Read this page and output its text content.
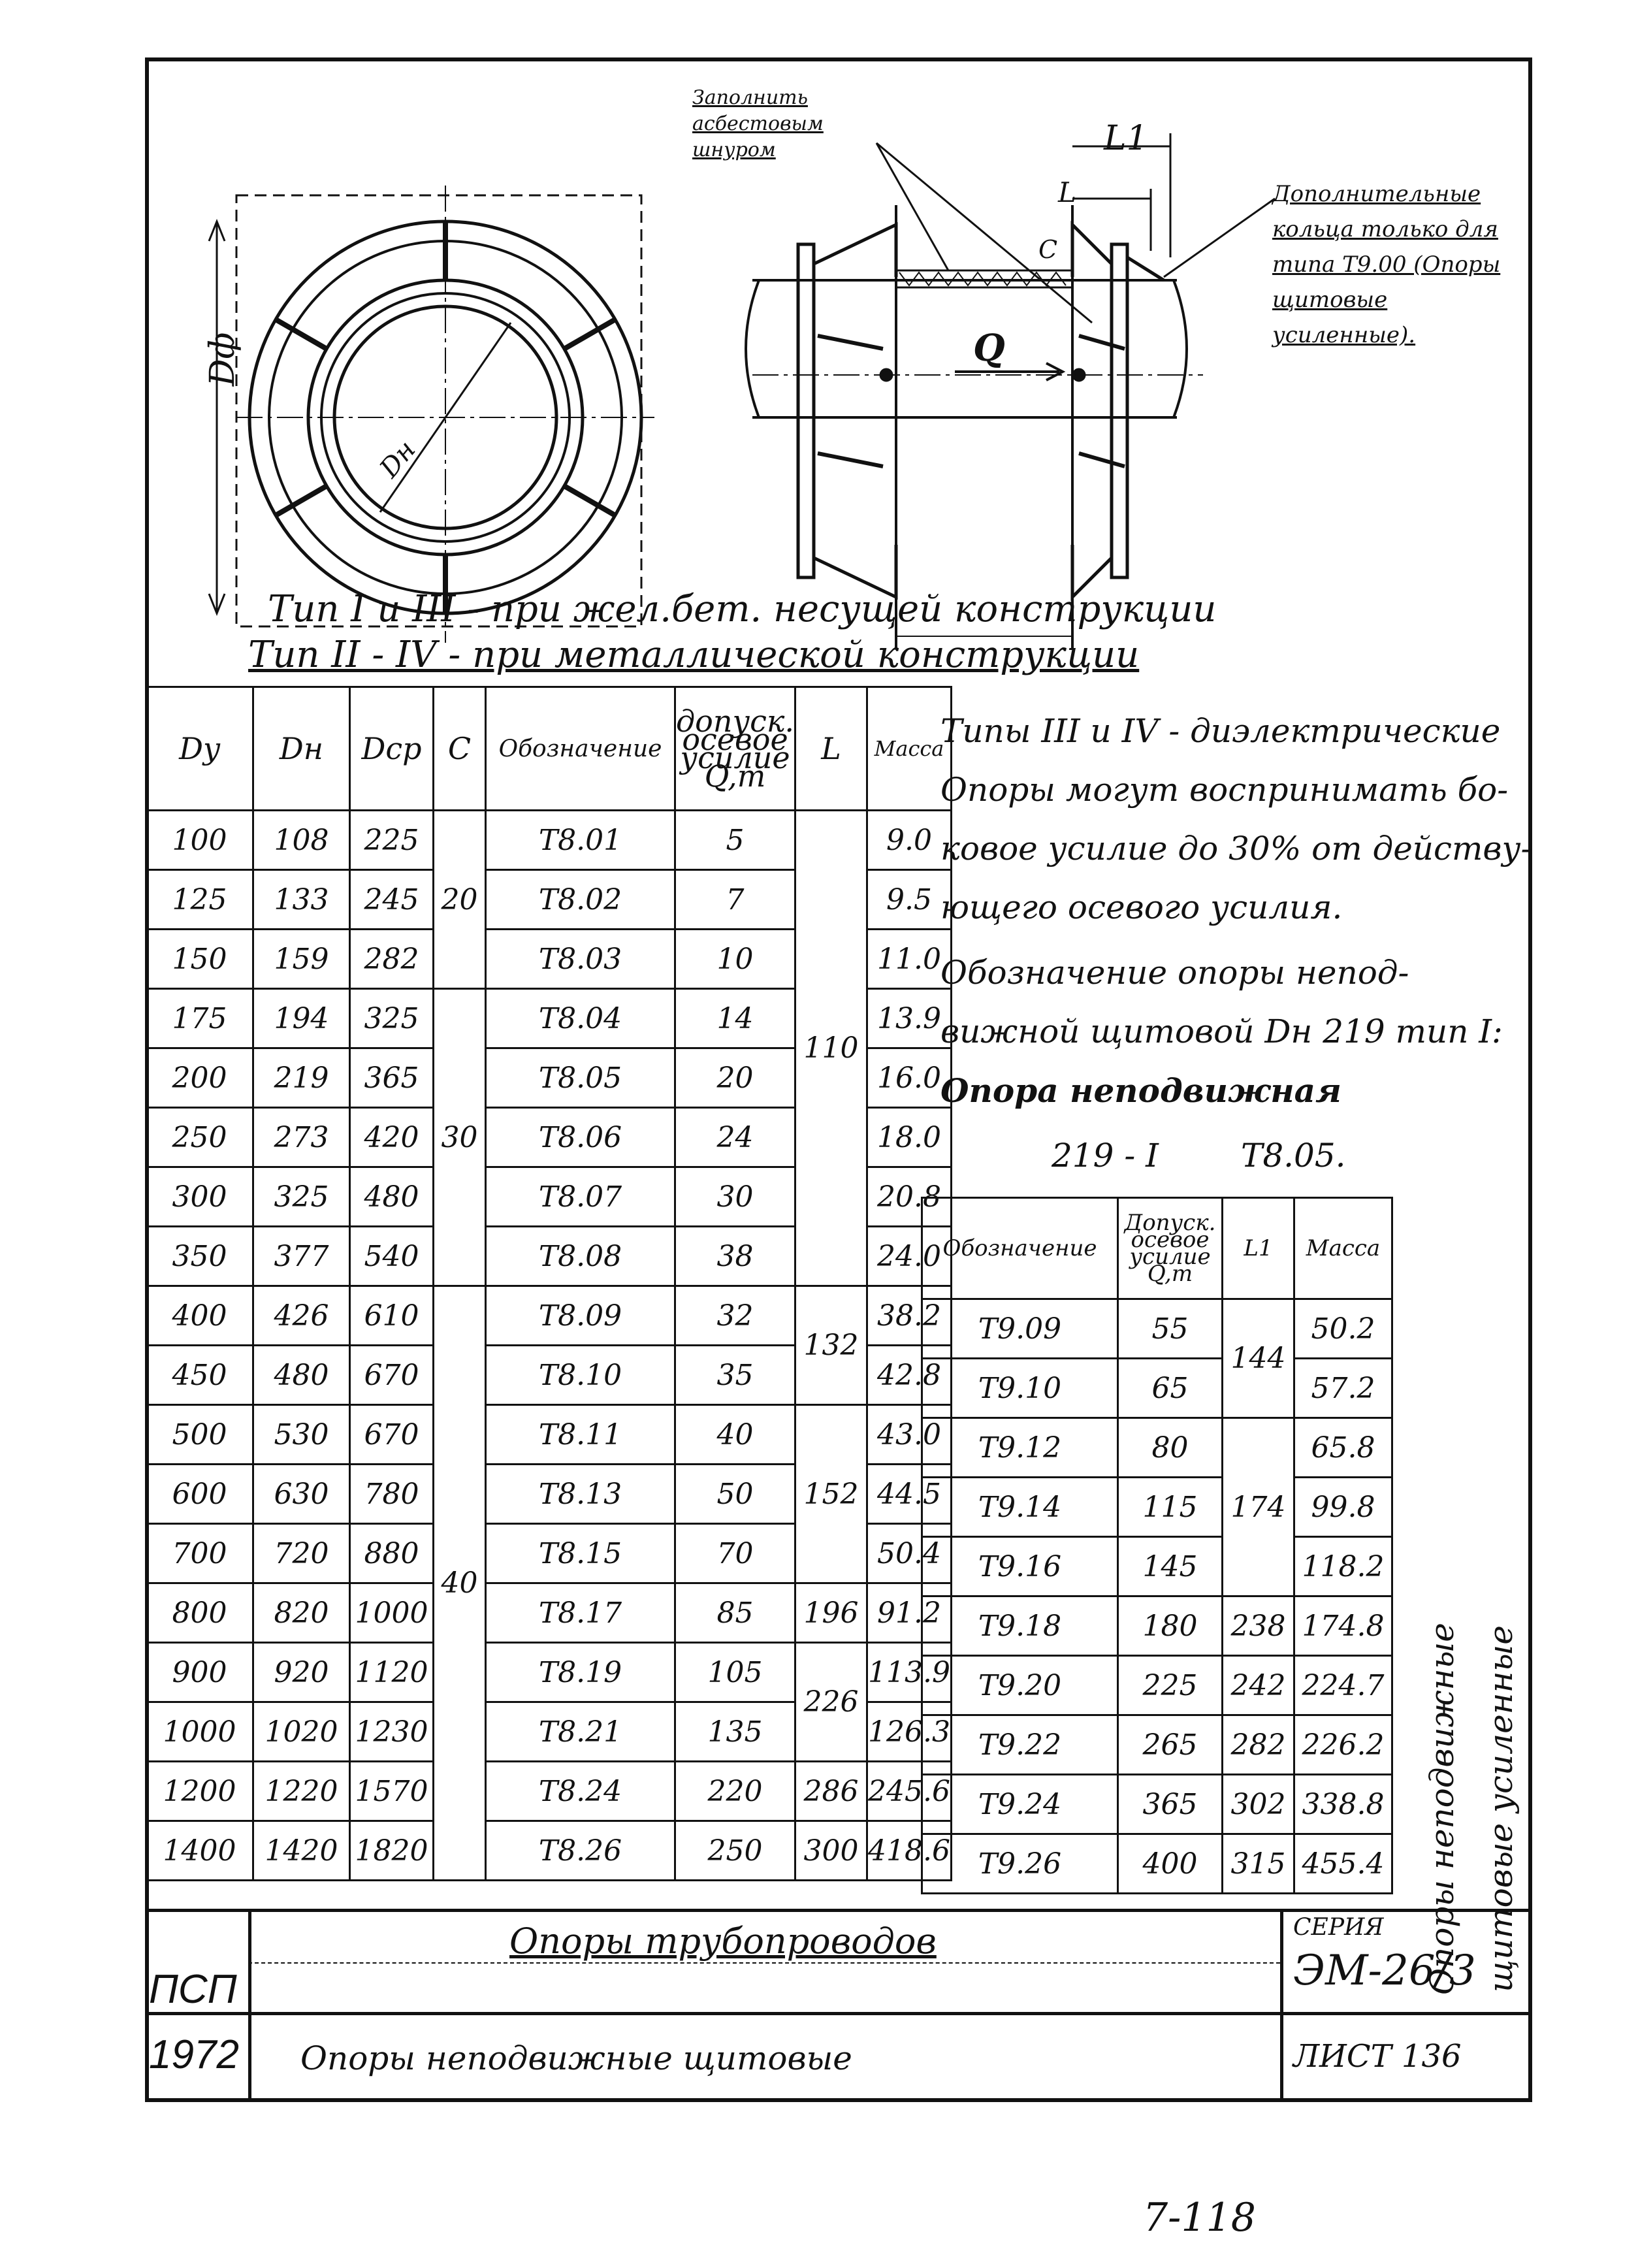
Dн
Dф	Q
L
L1
C
Заполнить асбестовым шнуром
Дополнительные кольца только для типа Т9.00 (Опоры щитовые усиленные).
Тип I и III - при жел.бет. несущей конструкции
Тип II - IV - при металлической конструкции
Dy	Dн	Dср	C	Обозначение	допуск. осевое усилие Q,т	L	Масса
100	108	225	20	T8.01	5	110	9.0
125	133	245		T8.02	7		9.5
150	159	282		T8.03	10		11.0
175	194	325	30	T8.04	14		13.9
200	219	365		T8.05	20		16.0
250	273	420		T8.06	24		18.0
300	325	480		T8.07	30		20.8
350	377	540		T8.08	38		24.0
400	426	610	40	T8.09	32	132	38.2
450	480	670		T8.10	35		42.8
500	530	670		T8.11	40	152	43.0
600	630	780		T8.13	50		44.5
700	720	880		T8.15	70		50.4
800	820	1000		T8.17	85	196	91.2
900	920	1120		T8.19	105	226	113.9
1000	1020	1230		T8.21	135		126.3
1200	1220	1570		T8.24	220	286	245.6
1400	1420	1820		T8.26	250	300	418.6
Типы III и IV - диэлектрические
Опоры могут воспринимать бо-
ковое усилие до 30% от действу-
ющего осевого усилия.
Обозначение опоры непод-
вижной щитовой Dн 219 тип I:
Опора неподвижная
219 - I	T8.05.
Обозначение	Допуск. осевое усилие Q,т	L1	Масса	Опоры неподвижные щитовые усиленные

T9.09	55	144	50.2	
T9.10	65		57.2	
T9.12	80	174	65.8	
T9.14	115		99.8	
T9.16	145		118.2	
T9.18	180	238	174.8	
T9.20	225	242	224.7	
T9.22	265	282	226.2	
T9.24	365	302	338.8	
T9.26	400	315	455.4	
ПСП
1972
Опоры трубопроводов
Опоры неподвижные щитовые
СЕРИЯ
ЭМ-26/3
ЛИСТ 136
7-118
